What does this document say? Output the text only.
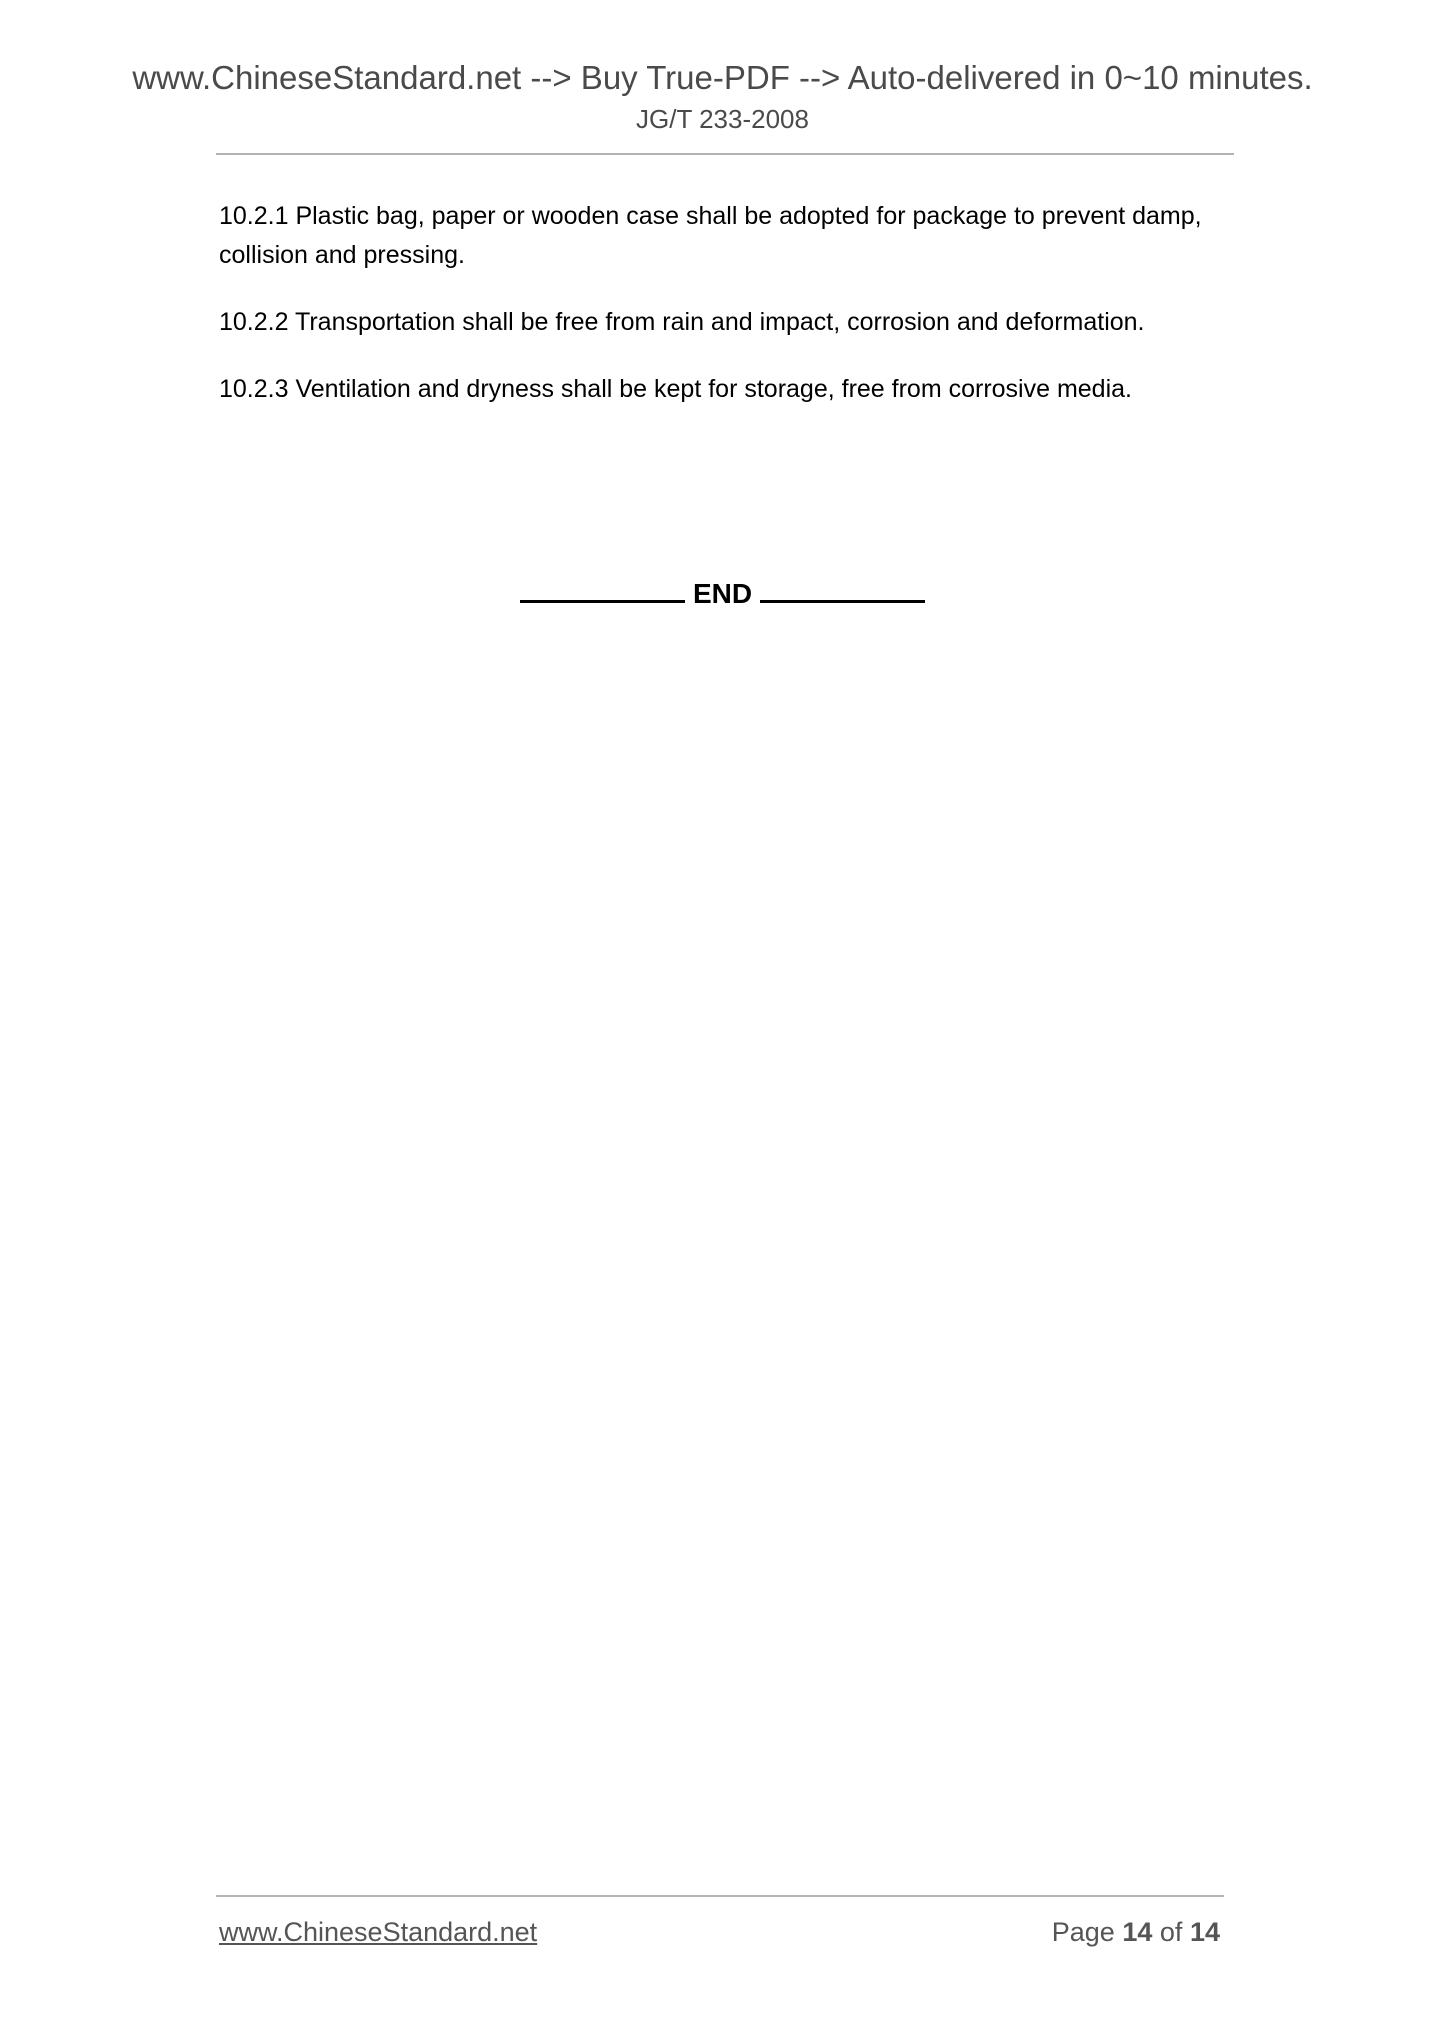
www.ChineseStandard.net --> Buy True-PDF --> Auto-delivered in 0~10 minutes.
JG/T 233-2008

10.2.1 Plastic bag, paper or wooden case shall be adopted for package to prevent damp, collision and pressing.

10.2.2 Transportation shall be free from rain and impact, corrosion and deformation.

10.2.3 Ventilation and dryness shall be kept for storage, free from corrosive media.

END
www.ChineseStandard.net	Page 14 of 14
